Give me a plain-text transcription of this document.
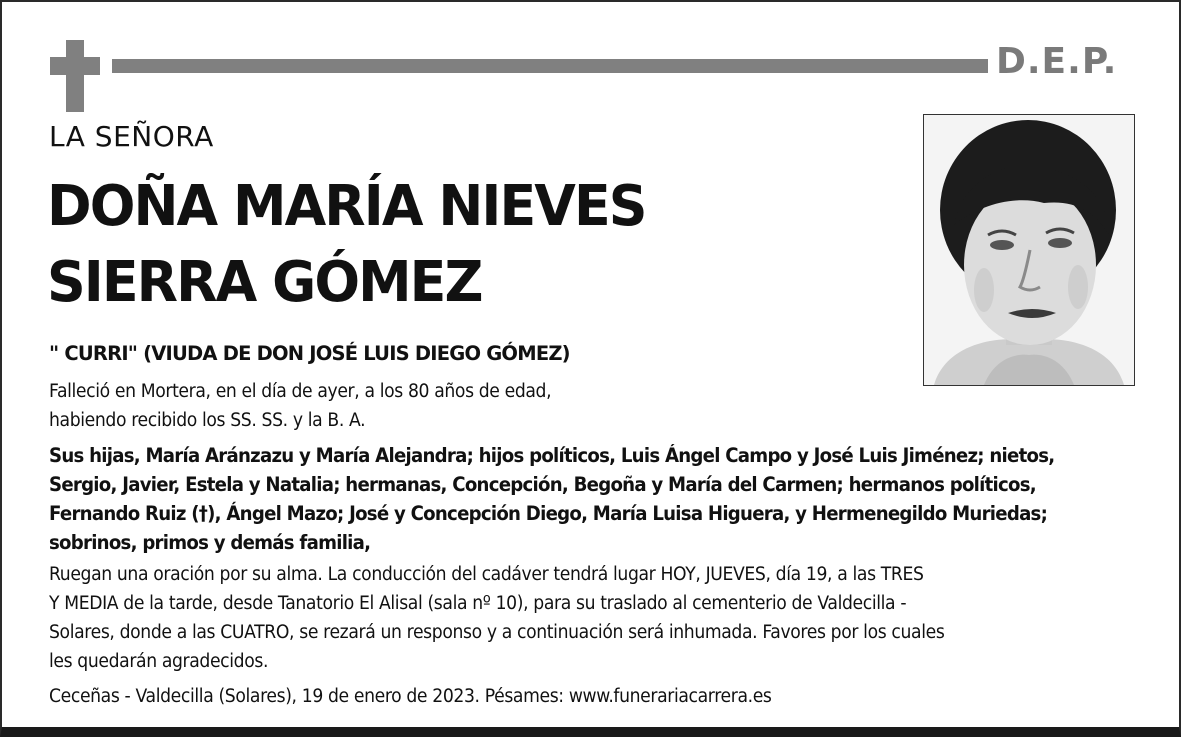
D.E.P.
LA SEÑORA
DOÑA MARÍA NIEVES
SIERRA GÓMEZ
" CURRI" (VIUDA DE DON JOSÉ LUIS DIEGO GÓMEZ)
Falleció en Mortera, en el día de ayer, a los 80 años de edad,
habiendo recibido los SS. SS. y la B. A.
Sus hijas, María Aránzazu y María Alejandra; hijos políticos, Luis Ángel Campo y José Luis Jiménez; nietos,
Sergio, Javier, Estela y Natalia; hermanas, Concepción, Begoña y María del Carmen; hermanos políticos,
Fernando Ruiz (†), Ángel Mazo; José y Concepción Diego, María Luisa Higuera, y Hermenegildo Muriedas;
sobrinos, primos y demás familia,
Ruegan una oración por su alma. La conducción del cadáver tendrá lugar HOY, JUEVES, día 19, a las TRES
Y MEDIA de la tarde, desde Tanatorio El Alisal (sala nº 10), para su traslado al cementerio de Valdecilla -
Solares, donde a las CUATRO, se rezará un responso y a continuación será inhumada. Favores por los cuales
les quedarán agradecidos.
Ceceñas - Valdecilla (Solares), 19 de enero de 2023. Pésames: www.funerariacarrera.es
